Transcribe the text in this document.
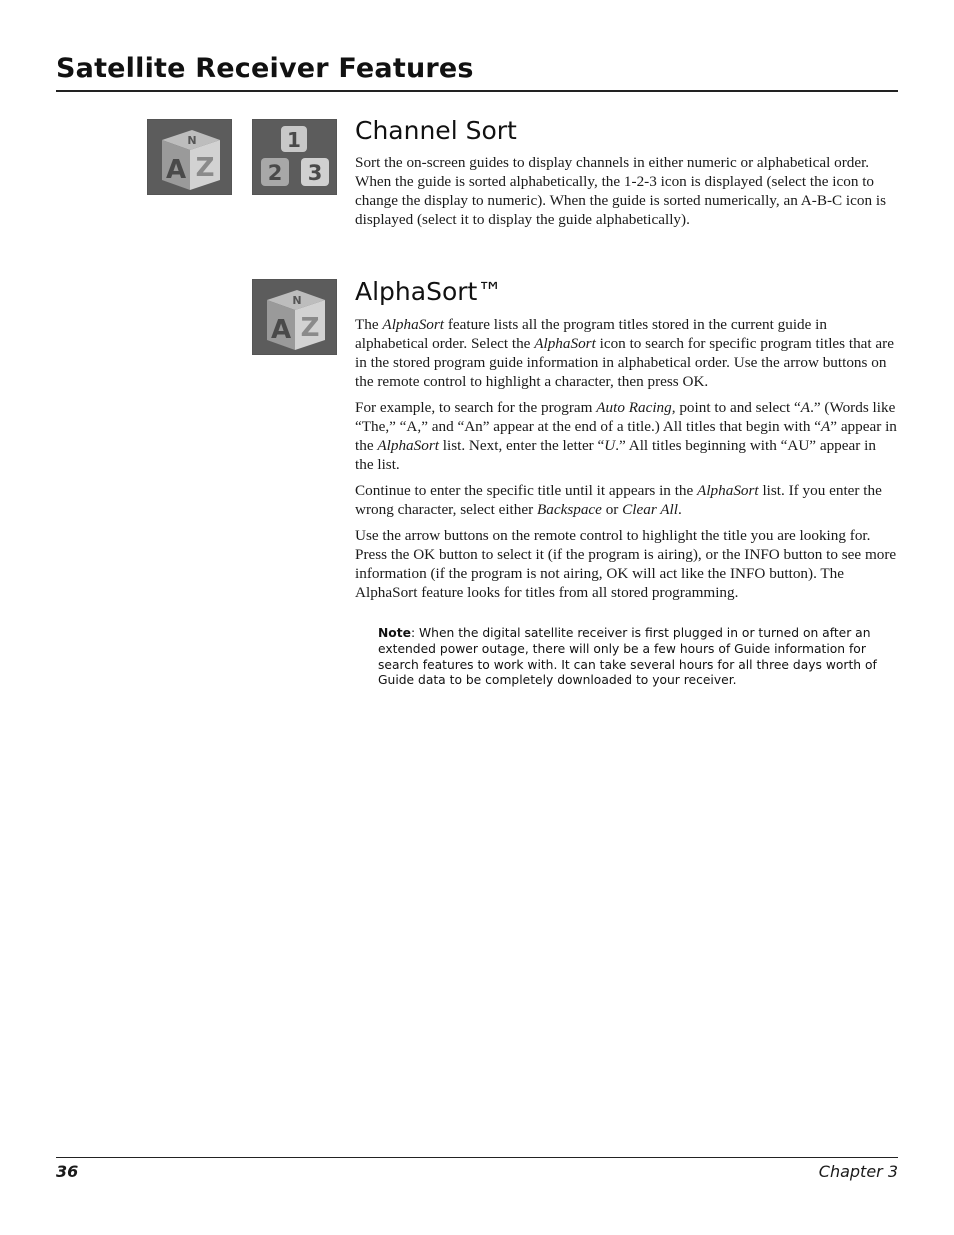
Satellite Receiver Features
N
A Z
1
2 3
Channel Sort

Sort the on-screen guides to display channels in either numeric or alphabetical order. When the guide is sorted alphabetically, the 1-2-3 icon is displayed (select the icon to change the display to numeric). When the guide is sorted numerically, an A-B-C icon is displayed (select it to display the guide alphabetically).

N
A Z
AlphaSort™

The AlphaSort feature lists all the program titles stored in the current guide in alphabetical order. Select the AlphaSort icon to search for specific program titles that are in the stored program guide information in alphabetical order. Use the arrow buttons on the remote control to highlight a character, then press OK.

For example, to search for the program Auto Racing, point to and select “A.” (Words like “The,” “A,” and “An” appear at the end of a title.) All titles that begin with “A” appear in the AlphaSort list. Next, enter the letter “U.” All titles beginning with “AU” appear in the list.

Continue to enter the specific title until it appears in the AlphaSort list. If you enter the wrong character, select either Backspace or Clear All.

Use the arrow buttons on the remote control to highlight the title you are looking for. Press the OK button to select it (if the program is airing), or the INFO button to see more information (if the program is not airing, OK will act like the INFO button). The AlphaSort feature looks for titles from all stored programming.

Note: When the digital satellite receiver is first plugged in or turned on after an extended power outage, there will only be a few hours of Guide information for search features to work with. It can take several hours for all three days worth of Guide data to be completely downloaded to your receiver.
36	Chapter 3
